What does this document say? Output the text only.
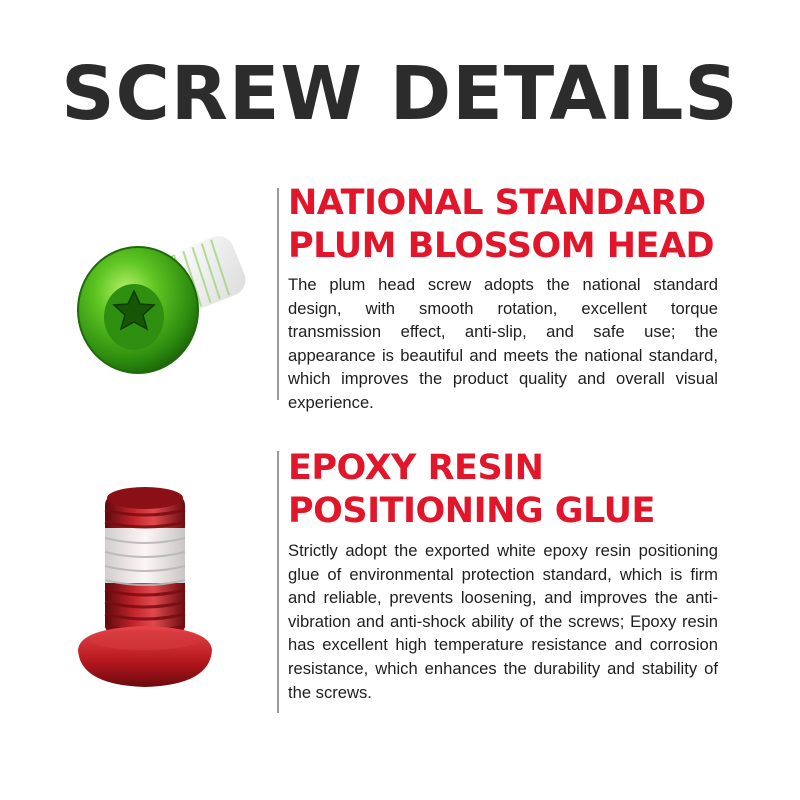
SCREW DETAILS
NATIONAL STANDARD
PLUM BLOSSOM HEAD
The plum head screw adopts the national standard design, with smooth rotation, excellent torque transmission effect, anti-slip, and safe use; the appearance is beautiful and meets the national standard, which improves the product quality and overall visual experience.
EPOXY RESIN
POSITIONING GLUE
Strictly adopt the exported white epoxy resin positioning glue of environmental protection standard, which is firm and reliable, prevents loosening, and improves the anti-vibration and anti-shock ability of the screws; Epoxy resin has excellent high temperature resistance and corrosion resistance, which enhances the durability and stability of the screws.
